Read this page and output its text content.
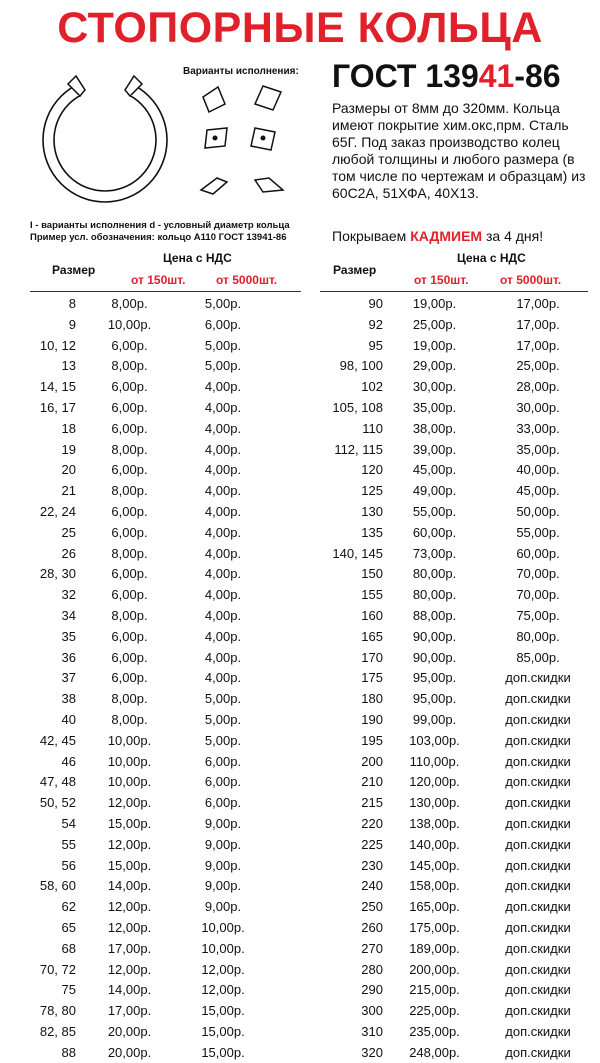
СТОПОРНЫЕ КОЛЬЦА
Варианты исполнения: ГОСТ 13941-86
Размеры от 8мм до 320мм. Кольца имеют покрытие хим.окс,прм. Сталь 65Г. Под заказ производство колец любой толщины и любого размера (в том числе по чертежам и образцам) из 60С2А, 51ХФА, 40Х13.
I - варианты исполнения d - условный диаметр кольца
Пример усл. обозначения: кольцо А110 ГОСТ 13941-86	Покрываем КАДМИЕМ за 4 дня!
Размер
Цена с НДС
от 150шт.	от 5000шт.
Размер
Цена с НДС
от 150шт.	от 5000шт.
8	8,00р.	5,00р.
9	10,00р.	6,00р.
10, 12	6,00р.	5,00р.
13	8,00р.	5,00р.
14, 15	6,00р.	4,00р.
16, 17	6,00р.	4,00р.
18	6,00р.	4,00р.
19	8,00р.	4,00р.
20	6,00р.	4,00р.
21	8,00р.	4,00р.
22, 24	6,00р.	4,00р.
25	6,00р.	4,00р.
26	8,00р.	4,00р.
28, 30	6,00р.	4,00р.
32	6,00р.	4,00р.
34	8,00р.	4,00р.
35	6,00р.	4,00р.
36	6,00р.	4,00р.
37	6,00р.	4,00р.
38	8,00р.	5,00р.
40	8,00р.	5,00р.
42, 45	10,00р.	5,00р.
46	10,00р.	6,00р.
47, 48	10,00р.	6,00р.
50, 52	12,00р.	6,00р.
54	15,00р.	9,00р.
55	12,00р.	9,00р.
56	15,00р.	9,00р.
58, 60	14,00р.	9,00р.
62	12,00р.	9,00р.
65	12,00р.	10,00р.
68	17,00р.	10,00р.
70, 72	12,00р.	12,00р.
75	14,00р.	12,00р.
78, 80	17,00р.	15,00р.
82, 85	20,00р.	15,00р.
88	20,00р.	15,00р.
90	19,00р.	17,00р.
92	25,00р.	17,00р.
95	19,00р.	17,00р.
98, 100	29,00р.	25,00р.
102	30,00р.	28,00р.
105, 108	35,00р.	30,00р.
110	38,00р.	33,00р.
112, 115	39,00р.	35,00р.
120	45,00р.	40,00р.
125	49,00р.	45,00р.
130	55,00р.	50,00р.
135	60,00р.	55,00р.
140, 145	73,00р.	60,00р.
150	80,00р.	70,00р.
155	80,00р.	70,00р.
160	88,00р.	75,00р.
165	90,00р.	80,00р.
170	90,00р.	85,00р.
175	95,00р.	доп.скидки
180	95,00р.	доп.скидки
190	99,00р.	доп.скидки
195	103,00р.	доп.скидки
200	110,00р.	доп.скидки
210	120,00р.	доп.скидки
215	130,00р.	доп.скидки
220	138,00р.	доп.скидки
225	140,00р.	доп.скидки
230	145,00р.	доп.скидки
240	158,00р.	доп.скидки
250	165,00р.	доп.скидки
260	175,00р.	доп.скидки
270	189,00р.	доп.скидки
280	200,00р.	доп.скидки
290	215,00р.	доп.скидки
300	225,00р.	доп.скидки
310	235,00р.	доп.скидки
320	248,00р.	доп.скидки
